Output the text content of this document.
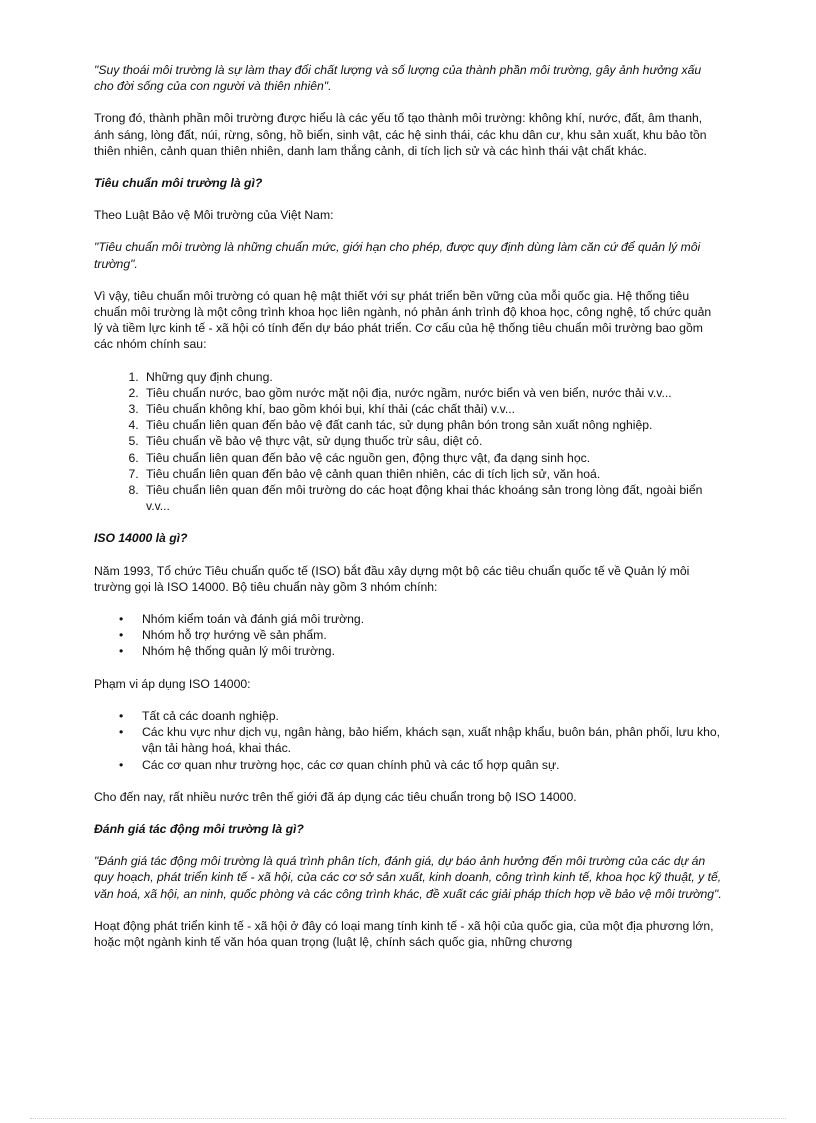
"Suy thoái môi trường là sự làm thay đổi chất lượng và số lượng của thành phần môi trường, gây ảnh hưởng xấu cho đời sống của con người và thiên nhiên".

Trong đó, thành phần môi trường được hiểu là các yếu tố tạo thành môi trường: không khí, nước, đất, âm thanh, ánh sáng, lòng đất, núi, rừng, sông, hồ biển, sinh vật, các hệ sinh thái, các khu dân cư, khu sản xuất, khu bảo tồn thiên nhiên, cảnh quan thiên nhiên, danh lam thắng cảnh, di tích lịch sử và các hình thái vật chất khác.

Tiêu chuẩn môi trường là gì?

Theo Luật Bảo vệ Môi trường của Việt Nam:

"Tiêu chuẩn môi trường là những chuẩn mức, giới hạn cho phép, được quy định dùng làm căn cứ để quản lý môi trường".

Vì vậy, tiêu chuẩn môi trường có quan hệ mật thiết với sự phát triển bền vững của mỗi quốc gia. Hệ thống tiêu chuẩn môi trường là một công trình khoa học liên ngành, nó phản ánh trình độ khoa học, công nghệ, tổ chức quản lý và tiềm lực kinh tế - xã hội có tính đến dự báo phát triển. Cơ cấu của hệ thống tiêu chuẩn môi trường bao gồm các nhóm chính sau:

1. Những quy định chung.
2. Tiêu chuẩn nước, bao gồm nước mặt nội địa, nước ngầm, nước biển và ven biển, nước thải v.v...
3. Tiêu chuẩn không khí, bao gồm khói bụi, khí thải (các chất thải) v.v...
4. Tiêu chuẩn liên quan đến bảo vệ đất canh tác, sử dụng phân bón trong sản xuất nông nghiệp.
5. Tiêu chuẩn về bảo vệ thực vật, sử dụng thuốc trừ sâu, diệt cỏ.
6. Tiêu chuẩn liên quan đến bảo vệ các nguồn gen, động thực vật, đa dạng sinh học.
7. Tiêu chuẩn liên quan đến bảo vệ cảnh quan thiên nhiên, các di tích lịch sử, văn hoá.
8. Tiêu chuẩn liên quan đến môi trường do các hoạt động khai thác khoáng sản trong lòng đất, ngoài biển v.v...
ISO 14000 là gì?

Năm 1993, Tổ chức Tiêu chuẩn quốc tế (ISO) bắt đầu xây dựng một bộ các tiêu chuẩn quốc tế về Quản lý môi trường gọi là ISO 14000. Bộ tiêu chuẩn này gồm 3 nhóm chính:

• Nhóm kiểm toán và đánh giá môi trường.
• Nhóm hỗ trợ hướng về sản phẩm.
• Nhóm hệ thống quản lý môi trường.

Phạm vi áp dụng ISO 14000:

• Tất cả các doanh nghiệp.
• Các khu vực như dịch vụ, ngân hàng, bảo hiểm, khách sạn, xuất nhập khẩu, buôn bán, phân phối, lưu kho, vận tải hàng hoá, khai thác.
• Các cơ quan như trường học, các cơ quan chính phủ và các tổ hợp quân sự.

Cho đến nay, rất nhiều nước trên thế giới đã áp dụng các tiêu chuẩn trong bộ ISO 14000.

Đánh giá tác động môi trường là gì?

"Đánh giá tác động môi trường là quá trình phân tích, đánh giá, dự báo ảnh hưởng đến môi trường của các dự án quy hoạch, phát triển kinh tế - xã hội, của các cơ sở sản xuất, kinh doanh, công trình kinh tế, khoa học kỹ thuật, y tế, văn hoá, xã hội, an ninh, quốc phòng và các công trình khác, đề xuất các giải pháp thích hợp về bảo vệ môi trường".

Hoạt động phát triển kinh tế - xã hội ở đây có loại mang tính kinh tế - xã hội của quốc gia, của một địa phương lớn, hoặc một ngành kinh tế văn hóa quan trọng (luật lệ, chính sách quốc gia, những chương
